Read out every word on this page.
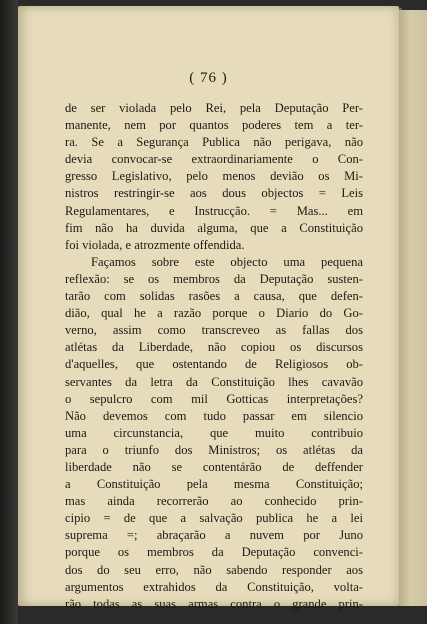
( 76 )
de ser violada pelo Rei, pela Deputação Per-
manente, nem por quantos poderes tem a ter-
ra. Se a Segurança Publica não perigava, não
devia convocar-se extraordinariamente o Con-
gresso Legislativo, pelo menos devião os Mi-
nistros restringir-se aos dous objectos = Leis
Regulamentares, e Instrucção. = Mas... em
fim não ha duvida alguma, que a Constituição
foi violada, e atrozmente offendida.
Façamos sobre este objecto uma pequena
reflexão: se os membros da Deputação susten-
tarão com solidas rasões a causa, que defen-
dião, qual he a razão porque o Diario do Go-
verno, assim como transcreveo as fallas dos
atlétas da Liberdade, não copiou os discursos
d'aquelles, que ostentando de Religiosos ob-
servantes da letra da Constituição lhes cavavão
o sepulcro com mil Gotticas interpretações?
Não devemos com tudo passar em silencio
uma circunstancia, que muito contribuio
para o triunfo dos Ministros; os atlétas da
liberdade não se contentárão de deffender
a Constituição pela mesma Constituição;
mas ainda recorrerão ao conhecido prin-
cipio = de que a salvação publica he a lei
suprema =; abraçarão a nuvem por Juno
porque os membros da Deputação convenci-
dos do seu erro, não sabendo responder aos
argumentos extrahidos da Constituição, volta-
rão todas as suas armas contra o grande prin-
